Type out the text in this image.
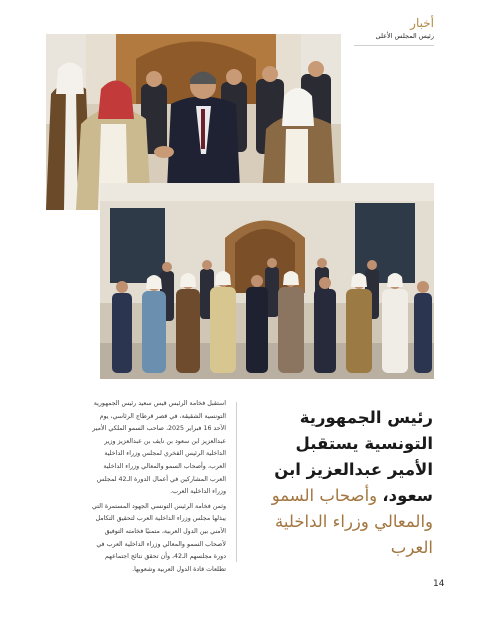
أخبار
رئيس المجلس الأعلى
رئيس الجمهورية التونسية يستقبل الأمير عبدالعزيز ابن سعود، وأصحاب السمو والمعالي وزراء الداخلية العرب

استقبل فخامة الرئيس قيس سعيد رئيس الجمهورية التونسية الشقيقة، في قصر قرطاج الرئاسي، يوم الأحد 16 فبراير 2025، صاحب السمو الملكي الأمير عبدالعزيز ابن سعود بن نايف بن عبدالعزيز وزير الداخلية الرئيس الفخري لمجلس وزراء الداخلية العرب، وأصحاب السمو والمعالي وزراء الداخلية العرب المشاركين في أعمال الدورة الـ42 لمجلس وزراء الداخلية العرب.

وثمن فخامة الرئيس التونسي الجهود المستمرة التي يبذلها مجلس وزراء الداخلية العرب لتحقيق التكامل الأمني بين الدول العربية، متمنيًا فخامته التوفيق لأصحاب السمو والمعالي وزراء الداخلية العرب في دورة مجلسهم الـ42، وأن تحقق نتائج اجتماعهم تطلعات قادة الدول العربية وشعوبها.

14
